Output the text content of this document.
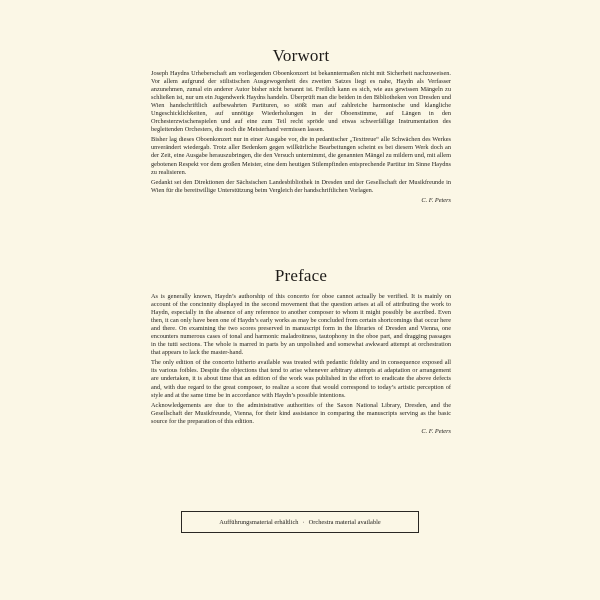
Vorwort

Joseph Haydns Urheberschaft am vorliegenden Oboenkonzert ist bekanntermaßen nicht mit Sicherheit nachzuweisen. Vor allem aufgrund der stilistischen Ausgewogenheit des zweiten Satzes liegt es nahe, Haydn als Verfasser anzunehmen, zumal ein anderer Autor bisher nicht benannt ist. Freilich kann es sich, wie aus gewissen Mängeln zu schließen ist, nur um ein Jugendwerk Haydns handeln. Überprüft man die beiden in den Bibliotheken von Dresden und Wien handschriftlich aufbewahrten Partituren, so stößt man auf zahlreiche harmonische und klangliche Ungeschicklichkeiten, auf unnötige Wiederholungen in der Oboenstimme, auf Längen in den Orchesterzwischenspielen und auf eine zum Teil recht spröde und etwas schwerfällige Instrumentation des begleitenden Orchesters, die noch die Meisterhand vermissen lassen.

Bisher lag dieses Oboenkonzert nur in einer Ausgabe vor, die in pedantischer „Texttreue“ alle Schwächen des Werkes unverändert wiedergab. Trotz aller Bedenken gegen willkürliche Bearbeitungen scheint es bei diesem Werk doch an der Zeit, eine Ausgabe herauszubringen, die den Versuch unternimmt, die genannten Mängel zu mildern und, mit allem gebotenen Respekt vor dem großen Meister, eine dem heutigen Stilempfinden entsprechende Partitur im Sinne Haydns zu realisieren.

Gedankt sei den Direktionen der Sächsischen Landesbibliothek in Dresden und der Gesellschaft der Musikfreunde in Wien für die bereitwillige Unterstützung beim Vergleich der handschriftlichen Vorlagen.

C. F. Peters
Preface

As is generally known, Haydn’s authorship of this concerto for oboe cannot actually be verified. It is mainly on account of the concinnity displayed in the second movement that the question arises at all of attributing the work to Haydn, especially in the absence of any reference to another composer to whom it might possibly be ascribed. Even then, it can only have been one of Haydn’s early works as may be concluded from certain shortcomings that occur here and there. On examining the two scores preserved in manuscript form in the libraries of Dresden and Vienna, one encounters numerous cases of tonal and harmonic maladroitness, tautophony in the oboe part, and dragging passages in the tutti sections. The whole is marred in parts by an unpolished and somewhat awkward attempt at orchestration that appears to lack the master-hand.

The only edition of the concerto hitherto available was treated with pedantic fidelity and in consequence exposed all its various foibles. Despite the objections that tend to arise whenever arbitrary attempts at adaptation or arrangement are undertaken, it is about time that an edition of the work was published in the effort to eradicate the above defects and, with due regard to the great composer, to realize a score that would correspond to today’s artistic perception of style and at the same time be in accordance with Haydn’s possible intentions.

Acknowledgements are due to the administrative authorities of the Saxon National Library, Dresden, and the Gesellschaft der Musikfreunde, Vienna, for their kind assistance in comparing the manuscripts serving as the basic source for the preparation of this edition.

C. F. Peters
Aufführungsmaterial erhältlich · Orchestra material available
